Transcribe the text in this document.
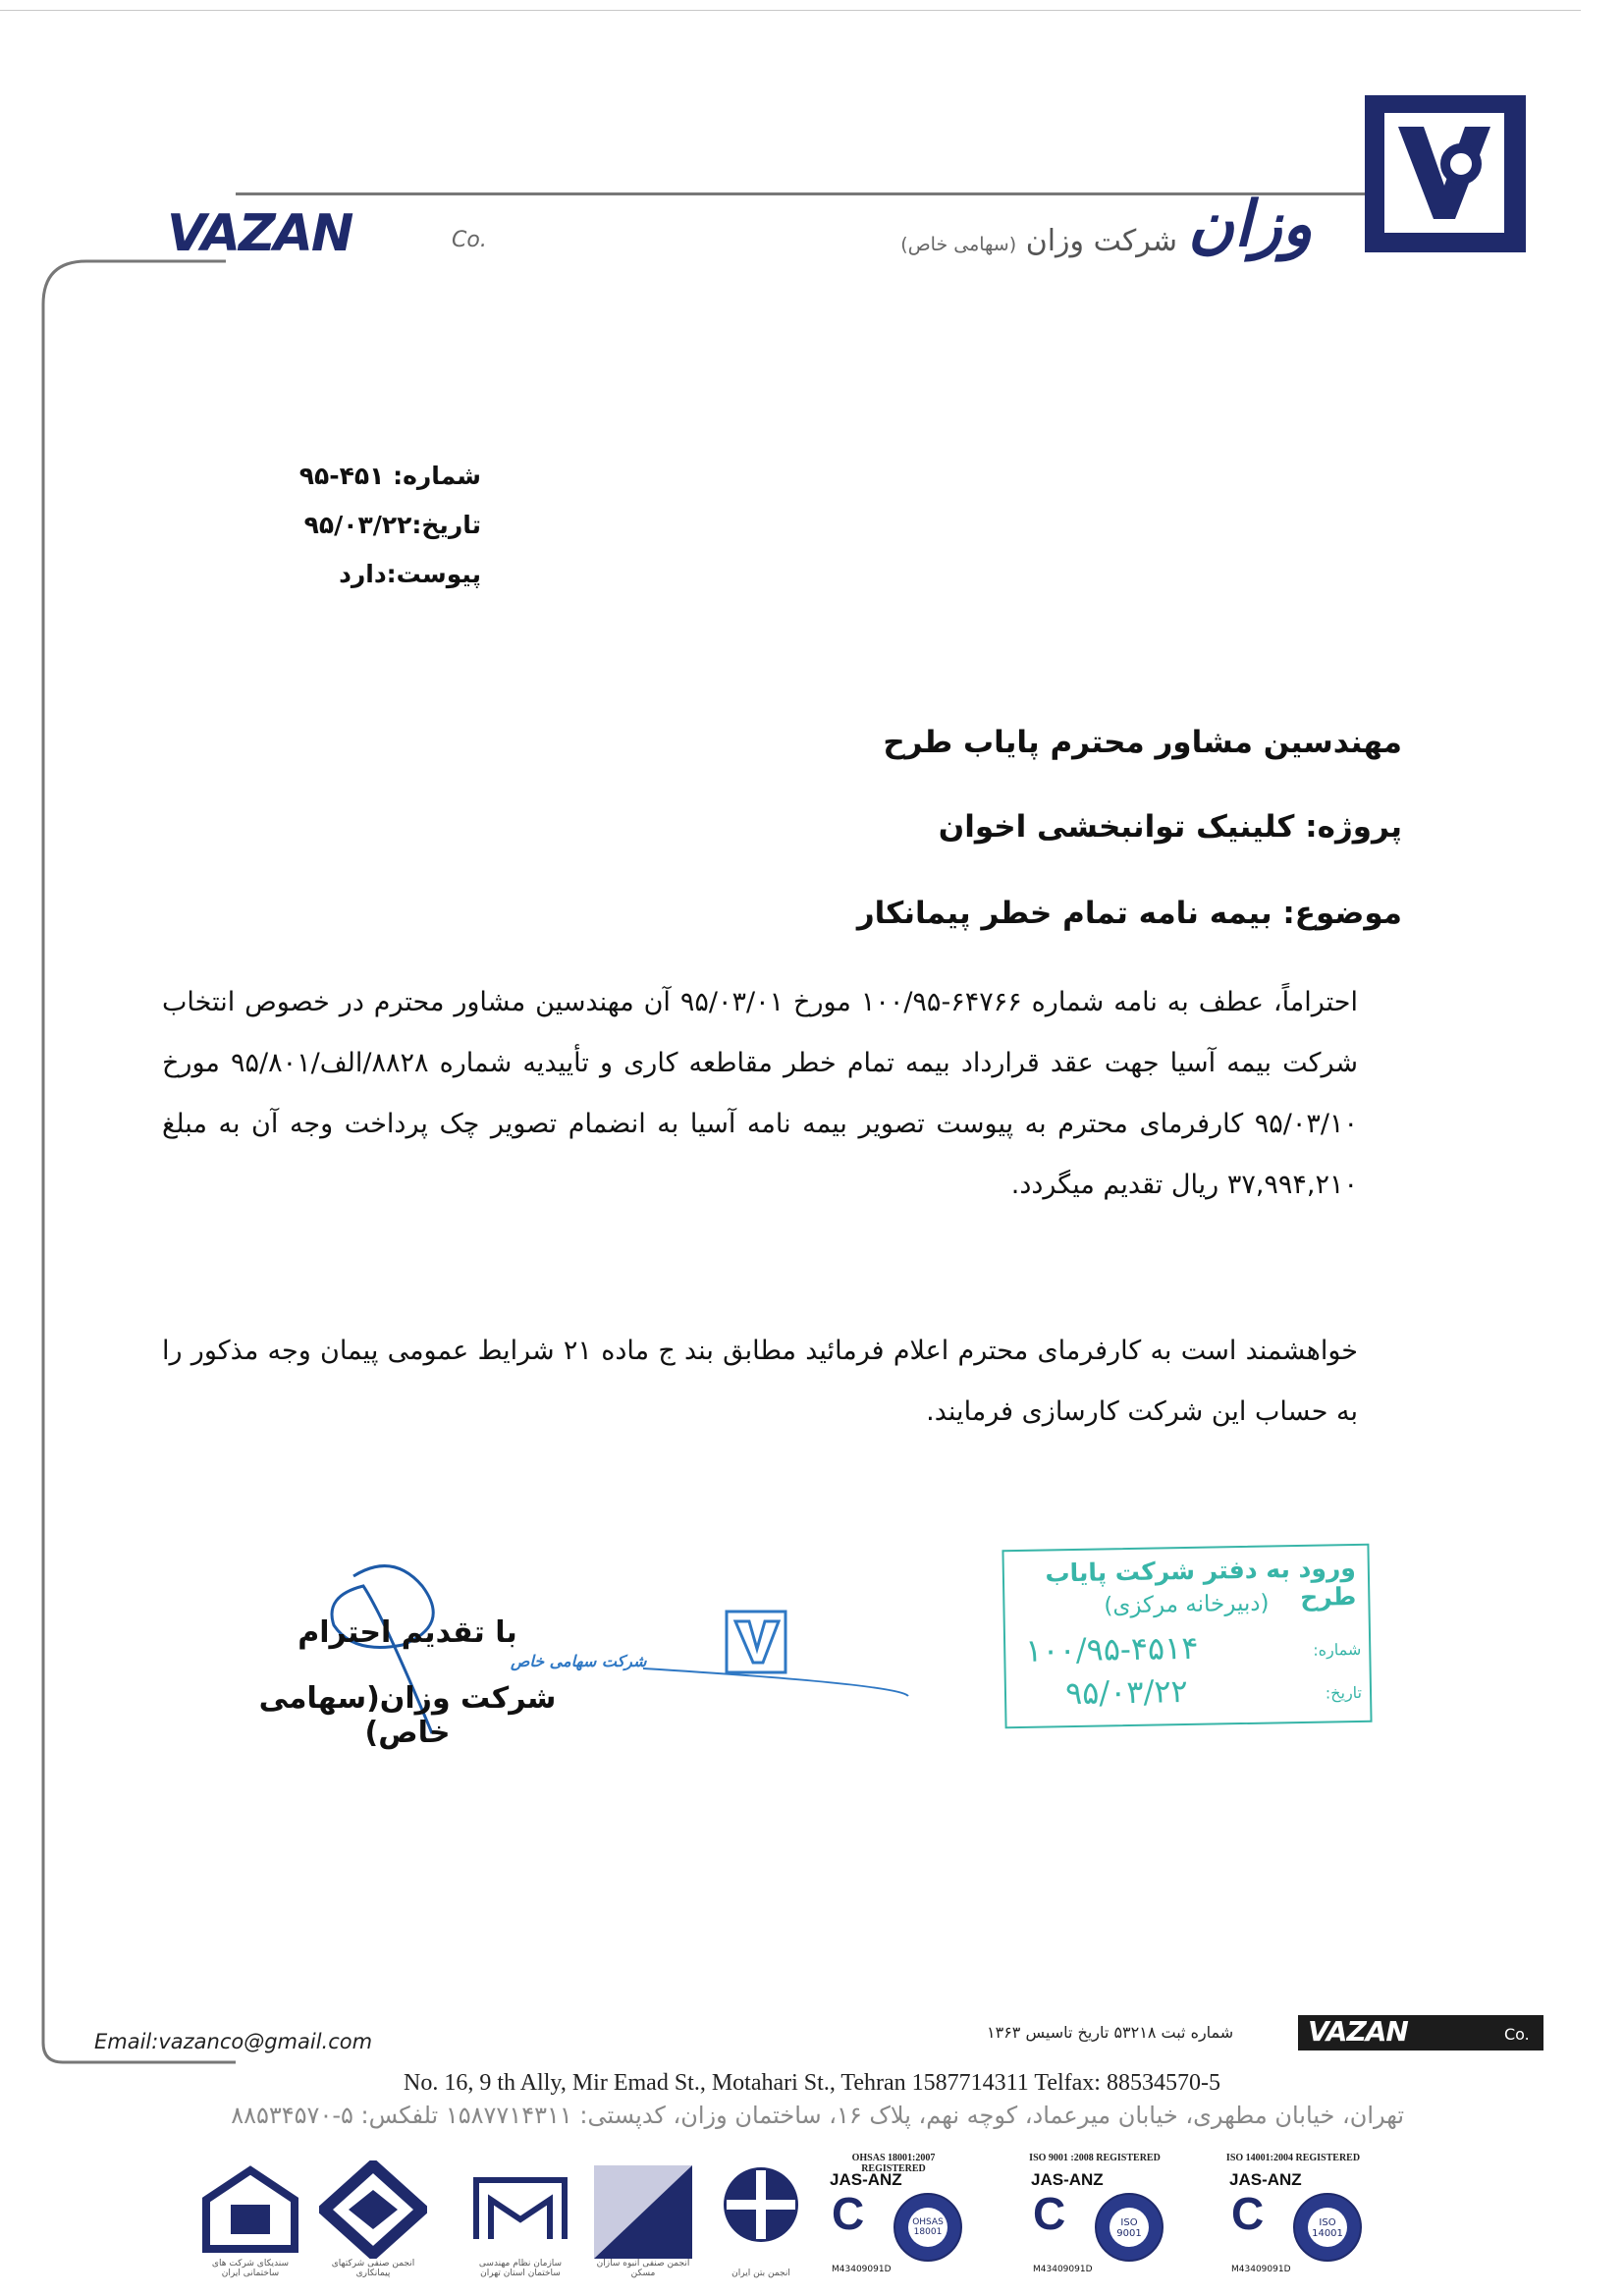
VAZAN	Co.	شرکت وزان (سهامی خاص)	وزان
شماره: ۴۵۱-۹۵
تاریخ:۹۵/۰۳/۲۲
پیوست:دارد
مهندسین مشاور محترم پایاب طرح
پروژه: کلینیک توانبخشی اخوان
موضوع: بیمه نامه تمام خطر پیمانکار
احتراماً، عطف به نامه شماره ۶۴۷۶۶-۱۰۰/۹۵ مورخ ۹۵/۰۳/۰۱ آن مهندسین مشاور محترم در خصوص انتخاب شرکت بیمه آسیا جهت عقد قرارداد بیمه تمام خطر مقاطعه کاری و تأییدیه شماره ۸۸۲۸/الف/۹۵/۸۰۱ مورخ ۹۵/۰۳/۱۰ کارفرمای محترم به پیوست تصویر بیمه نامه آسیا به انضمام تصویر چک پرداخت وجه آن به مبلغ ۳۷,۹۹۴,۲۱۰ ریال تقدیم میگردد.
خواهشمند است به کارفرمای محترم اعلام فرمائید مطابق بند ج ماده ۲۱ شرایط عمومی پیمان وجه مذکور را به حساب این شرکت کارسازی فرمایند.
شرکت سهامی خاص
با تقدیم احترام
شرکت وزان(سهامی خاص)
ورود به دفتر شرکت پایاب طرح
(دبیرخانه مرکزی)
شماره:
۱۰۰/۹۵-۴۵۱۴
تاریخ:
۹۵/۰۳/۲۲
Email:vazanco@gmail.com	شماره ثبت ۵۳۲۱۸ تاریخ تاسیس ۱۳۶۳	VAZAN	Co.
No. 16, 9 th Ally, Mir Emad St., Motahari St., Tehran 1587714311 Telfax: 88534570-5
تهران، خیابان مطهری، خیابان میرعماد، کوچه نهم، پلاک ۱۶، ساختمان وزان، کدپستی: ۱۵۸۷۷۱۴۳۱۱ تلفکس: ۵-۸۸۵۳۴۵۷۰
ISO 14001:2004 REGISTERED
JAS-ANZ
C	ISO 14001
M43409091D
ISO 9001 :2008 REGISTERED
JAS-ANZ
C	ISO 9001
M43409091D
OHSAS 18001:2007 REGISTERED
JAS-ANZ
C	OHSAS 18001
M43409091D
انجمن بتن ایران
انجمن صنفی انبوه سازان مسکن
سازمان نظام مهندسی ساختمان استان تهران
انجمن صنفی شرکتهای پیمانکاری
سندیکای شرکت های ساختمانی ایران
